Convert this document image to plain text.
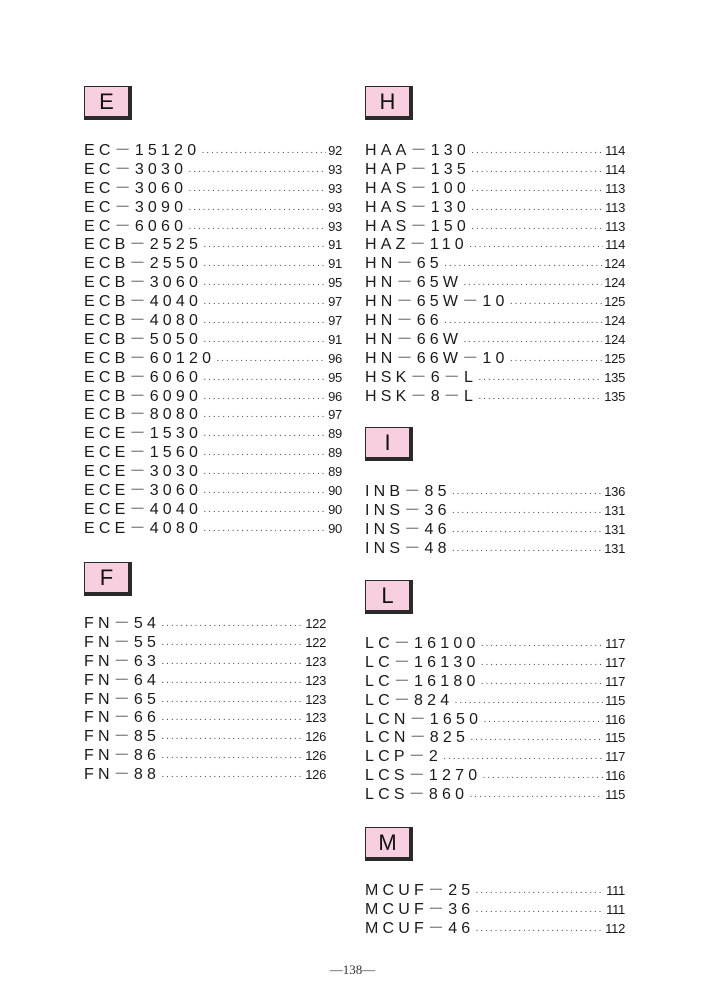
E
EC－15120 ·····	92
EC－3030 ·····	93
EC－3060 ·····	93
EC－3090 ·····	93
EC－6060 ·····	93
ECB－2525 ·····	91
ECB－2550 ·····	91
ECB－3060 ·····	95
ECB－4040 ·····	97
ECB－4080 ·····	97
ECB－5050 ·····	91
ECB－60120 ·····	96
ECB－6060 ·····	95
ECB－6090 ·····	96
ECB－8080 ·····	97
ECE－1530 ·····	89
ECE－1560 ·····	89
ECE－3030 ·····	89
ECE－3060 ·····	90
ECE－4040 ·····	90
ECE－4080 ·····	90
F
FN－54 ·····	122
FN－55 ·····	122
FN－63 ·····	123
FN－64 ·····	123
FN－65 ·····	123
FN－66 ·····	123
FN－85 ·····	126
FN－86 ·····	126
FN－88 ·····	126
H
HAA－130 ·····	114
HAP－135 ·····	114
HAS－100 ·····	113
HAS－130 ·····	113
HAS－150 ·····	113
HAZ－110 ·····	114
HN－65 ·····	124
HN－65W ·····	124
HN－65W－10 ·····	125
HN－66 ·····	124
HN－66W ·····	124
HN－66W－10 ·····	125
HSK－6－L ·····	135
HSK－8－L ·····	135
I
INB－85 ·····	136
INS－36 ·····	131
INS－46 ·····	131
INS－48 ·····	131
L
LC－16100 ·····	117
LC－16130 ·····	117
LC－16180 ·····	117
LC－824 ·····	115
LCN－1650 ·····	116
LCN－825 ·····	115
LCP－2 ·····	117
LCS－1270 ·····	116
LCS－860 ·····	115
M
MCUF－25 ·····	111
MCUF－36 ·····	111
MCUF－46 ·····	112
—138—
